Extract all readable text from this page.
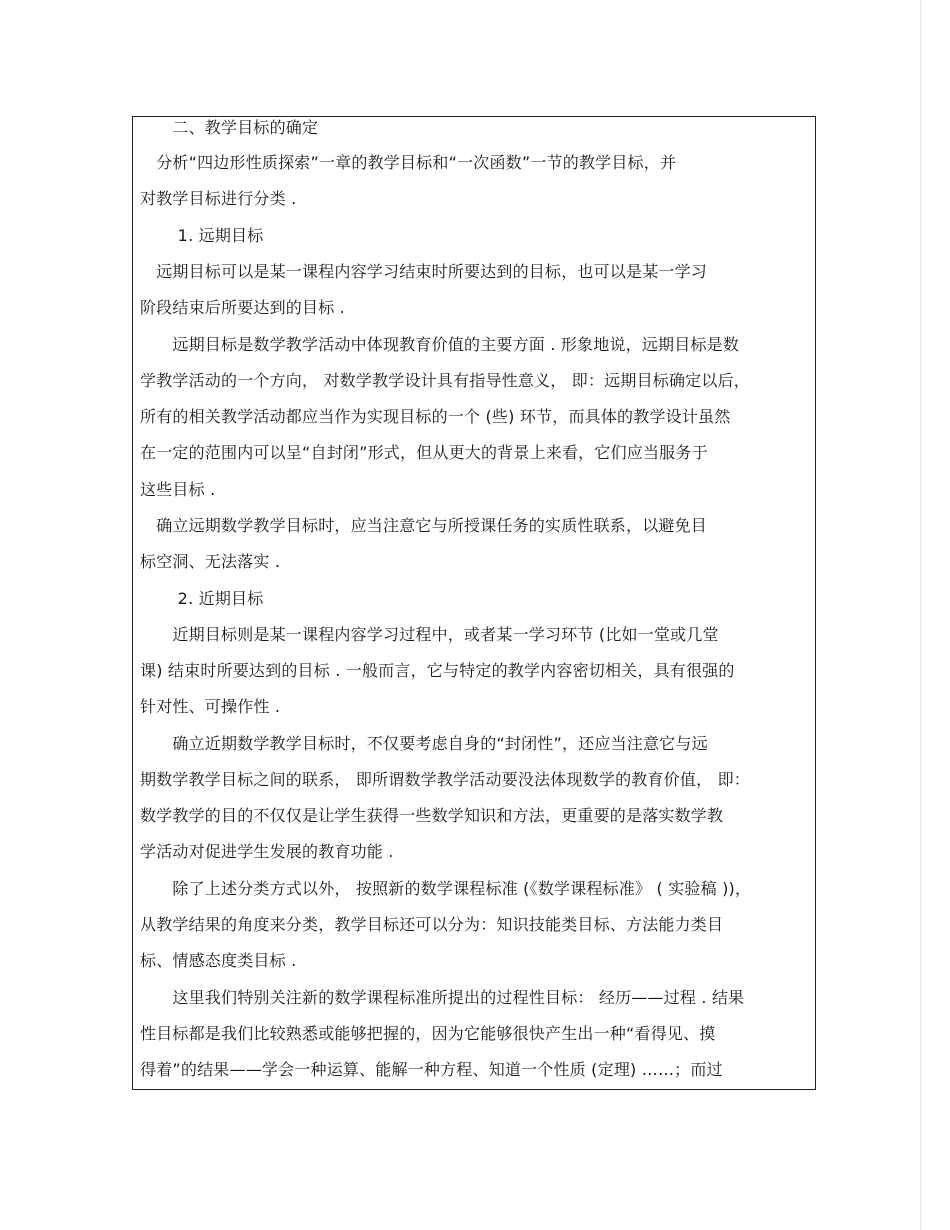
　　二、教学目标的确定
　分析“四边形性质探索”一章的教学目标和“一次函数”一节的教学目标，并
对教学目标进行分类 .
　　 1. 远期目标
　远期目标可以是某一课程内容学习结束时所要达到的目标，也可以是某一学习
阶段结束后所要达到的目标 .
　　远期目标是数学教学活动中体现教育价值的主要方面 . 形象地说，远期目标是数
学教学活动的一个方向， 对数学教学设计具有指导性意义， 即：远期目标确定以后，
所有的相关教学活动都应当作为实现目标的一个 (些) 环节，而具体的教学设计虽然
在一定的范围内可以呈“自封闭”形式，但从更大的背景上来看，它们应当服务于
这些目标 .
　确立远期数学教学目标时，应当注意它与所授课任务的实质性联系，以避免目
标空洞、无法落实 .
　　 2. 近期目标
　　近期目标则是某一课程内容学习过程中，或者某一学习环节 (比如一堂或几堂
课) 结束时所要达到的目标 . 一般而言，它与特定的教学内容密切相关，具有很强的
针对性、可操作性 .
　　确立近期数学教学目标时，不仅要考虑自身的“封闭性”，还应当注意它与远
期数学教学目标之间的联系， 即所谓数学教学活动要没法体现数学的教育价值， 即：
数学教学的目的不仅仅是让学生获得一些数学知识和方法，更重要的是落实数学教
学活动对促进学生发展的教育功能 .
　　除了上述分类方式以外， 按照新的数学课程标准 (《数学课程标准》 ( 实验稿 ))，
从教学结果的角度来分类，教学目标还可以分为：知识技能类目标、方法能力类目
标、情感态度类目标 .
　　这里我们特别关注新的数学课程标准所提出的过程性目标： 经历——过程 . 结果
性目标都是我们比较熟悉或能够把握的，因为它能够很快产生出一种“看得见、摸
得着”的结果——学会一种运算、能解一种方程、知道一个性质 (定理) ……；而过
